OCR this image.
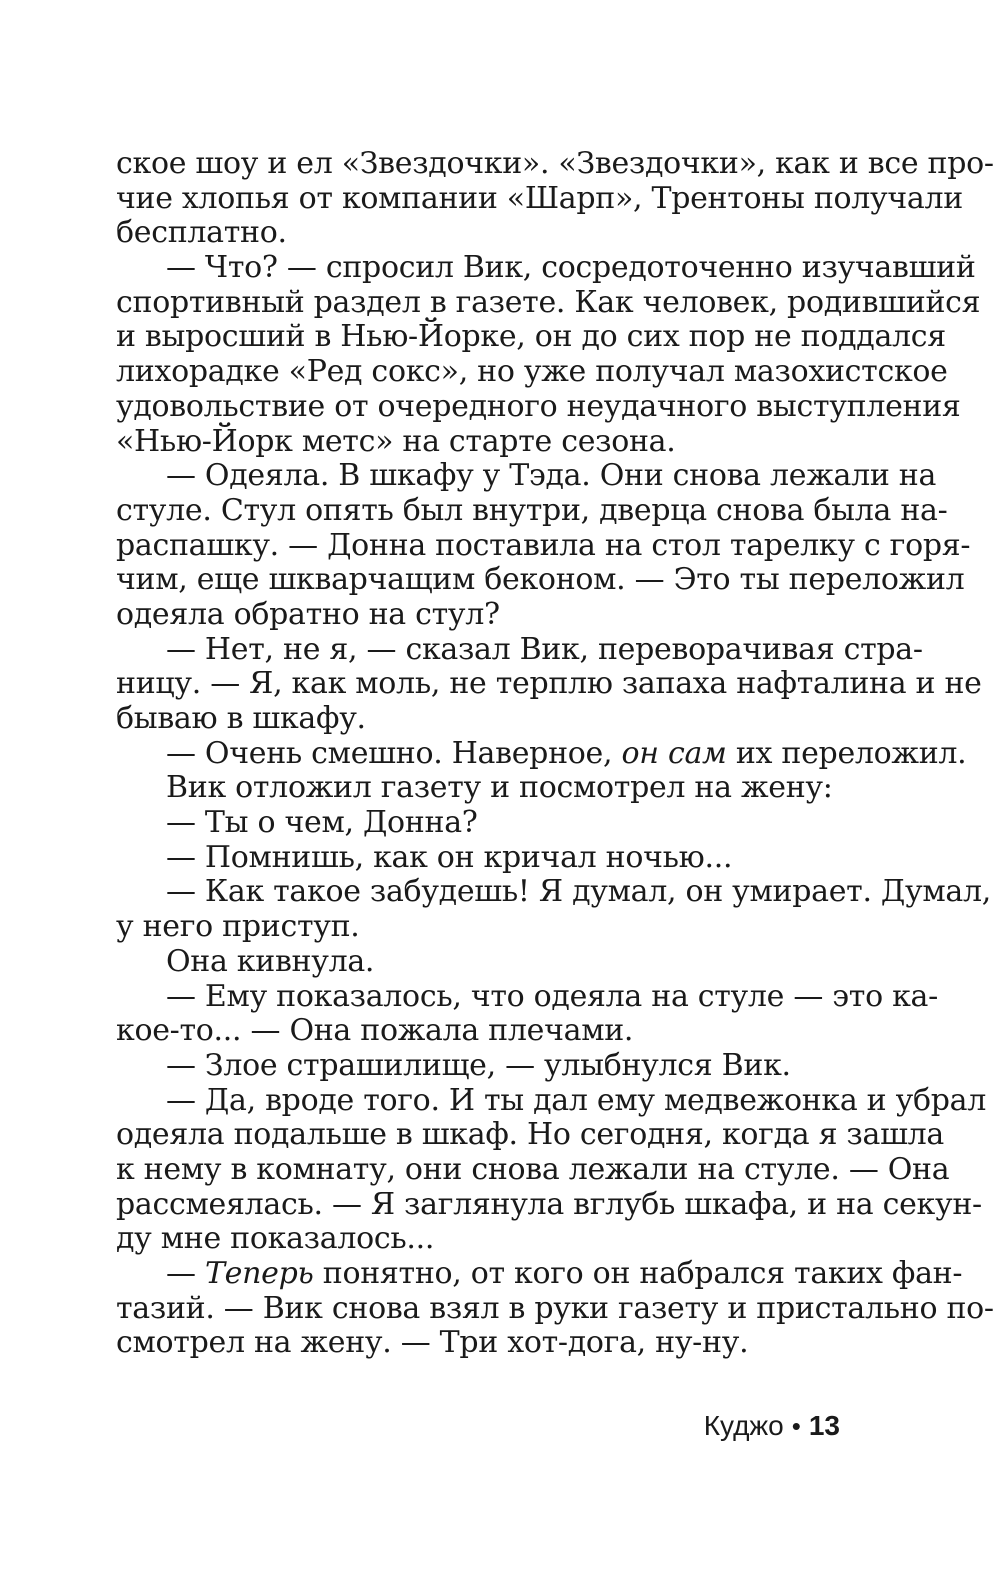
ское шоу и ел «Звездочки». «Звездочки», как и все про-
чие хлопья от компании «Шарп», Трентоны получали
бесплатно.
— Что? — спросил Вик, сосредоточенно изучавший
спортивный раздел в газете. Как человек, родившийся
и выросший в Нью-Йорке, он до сих пор не поддался
лихорадке «Ред сокс», но уже получал мазохистское
удовольствие от очередного неудачного выступления
«Нью-Йорк метс» на старте сезона.
— Одеяла. В шкафу у Тэда. Они снова лежали на
стуле. Стул опять был внутри, дверца снова была на-
распашку. — Донна поставила на стол тарелку с горя-
чим, еще шкварчащим беконом. — Это ты переложил
одеяла обратно на стул?
— Нет, не я, — сказал Вик, переворачивая стра-
ницу. — Я, как моль, не терплю запаха нафталина и не
бываю в шкафу.
— Очень смешно. Наверное, он сам их переложил.
Вик отложил газету и посмотрел на жену:
— Ты о чем, Донна?
— Помнишь, как он кричал ночью...
— Как такое забудешь! Я думал, он умирает. Думал,
у него приступ.
Она кивнула.
— Ему показалось, что одеяла на стуле — это ка-
кое-то... — Она пожала плечами.
— Злое страшилище, — улыбнулся Вик.
— Да, вроде того. И ты дал ему медвежонка и убрал
одеяла подальше в шкаф. Но сегодня, когда я зашла
к нему в комнату, они снова лежали на стуле. — Она
рассмеялась. — Я заглянула вглубь шкафа, и на секун-
ду мне показалось...
— Теперь понятно, от кого он набрался таких фан-
тазий. — Вик снова взял в руки газету и пристально по-
смотрел на жену. — Три хот-дога, ну-ну.
Куджо • 13
